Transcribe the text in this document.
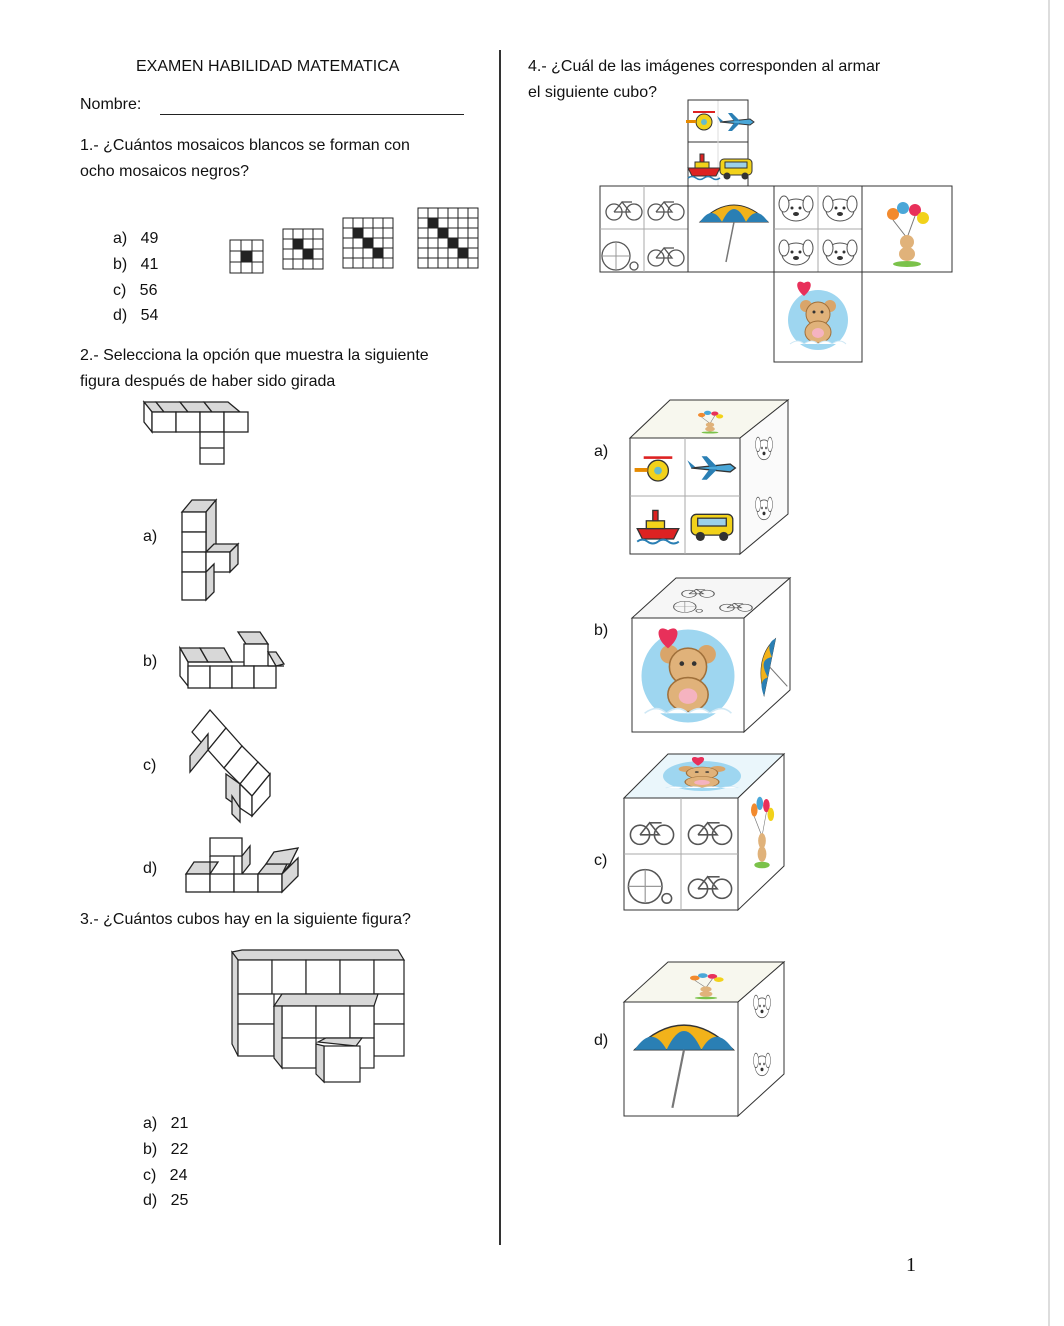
EXAMEN HABILIDAD MATEMATICA
Nombre:
1.- ¿Cuántos mosaicos blancos se forman con
ocho mosaicos negros?
a) 49
b) 41
c) 56
d) 54
2.- Selecciona la opción que muestra la siguiente
figura después de haber sido girada
a)
b)
c)
d)
3.- ¿Cuántos cubos hay en la siguiente figura?
a) 21
b) 22
c) 24
d) 25
4.- ¿Cuál de las imágenes corresponden al armar
el siguiente cubo?
a)
b)
c)
d)
1
